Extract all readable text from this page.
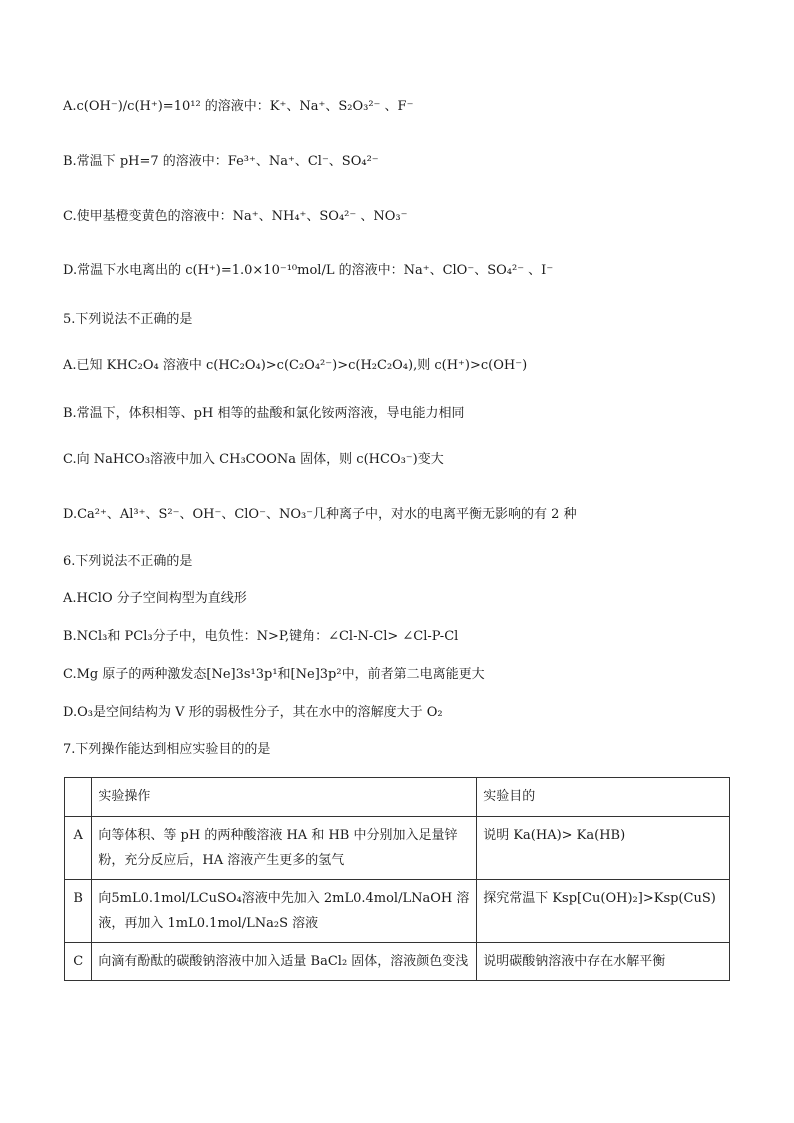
A.c(OH⁻)/c(H⁺)=10¹² 的溶液中：K⁺、Na⁺、S₂O₃²⁻ 、F⁻
B.常温下 pH=7 的溶液中：Fe³⁺、Na⁺、Cl⁻、SO₄²⁻
C.使甲基橙变黄色的溶液中：Na⁺、NH₄⁺、SO₄²⁻ 、NO₃⁻
D.常温下水电离出的 c(H⁺)=1.0×10⁻¹⁰mol/L 的溶液中：Na⁺、ClO⁻、SO₄²⁻ 、I⁻
5.下列说法不正确的是
A.已知 KHC₂O₄ 溶液中 c(HC₂O₄)>c(C₂O₄²⁻)>c(H₂C₂O₄),则 c(H⁺)>c(OH⁻)
B.常温下，体积相等、pH 相等的盐酸和氯化铵两溶液，导电能力相同
C.向 NaHCO₃溶液中加入 CH₃COONa 固体，则 c(HCO₃⁻)变大
D.Ca²⁺、Al³⁺、S²⁻、OH⁻、ClO⁻、NO₃⁻几种离子中，对水的电离平衡无影响的有 2 种
6.下列说法不正确的是
A.HClO 分子空间构型为直线形
B.NCl₃和 PCl₃分子中，电负性：N>P,键角：∠Cl-N-Cl> ∠Cl-P-Cl
C.Mg 原子的两种激发态[Ne]3s¹3p¹和[Ne]3p²中，前者第二电离能更大
D.O₃是空间结构为 V 形的弱极性分子，其在水中的溶解度大于 O₂
7.下列操作能达到相应实验目的的是
	实验操作	实验目的
A	向等体积、等 pH 的两种酸溶液 HA 和 HB 中分别加入足量锌粉，充分反应后，HA 溶液产生更多的氢气	说明 Ka(HA)> Ka(HB)
B	向5mL0.1mol/LCuSO₄溶液中先加入 2mL0.4mol/LNaOH 溶液，再加入 1mL0.1mol/LNa₂S 溶液	探究常温下 Ksp[Cu(OH)₂]>Ksp(CuS)
C	向滴有酚酞的碳酸钠溶液中加入适量 BaCl₂ 固体，溶液颜色变浅	说明碳酸钠溶液中存在水解平衡
